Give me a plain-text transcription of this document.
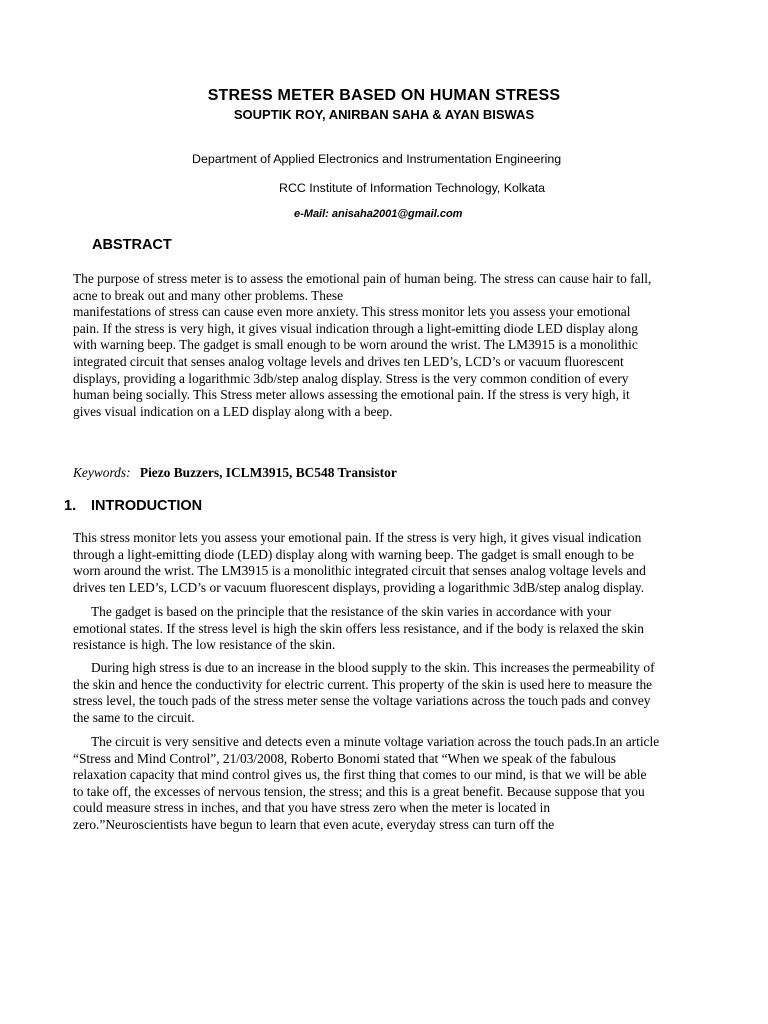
STRESS METER BASED ON HUMAN STRESS
SOUPTIK ROY, ANIRBAN SAHA & AYAN BISWAS
Department of Applied Electronics and Instrumentation Engineering
RCC Institute of Information Technology, Kolkata
e-Mail: anisaha2001@gmail.com
ABSTRACT

The purpose of stress meter is to assess the emotional pain of human being. The stress can cause hair to fall,
acne to break out and many other problems. These
manifestations of stress can cause even more anxiety. This stress monitor lets you assess your emotional
pain. If the stress is very high, it gives visual indication through a light-emitting diode LED display along
with warning beep. The gadget is small enough to be worn around the wrist. The LM3915 is a monolithic
integrated circuit that senses analog voltage levels and drives ten LED’s, LCD’s or vacuum fluorescent
displays, providing a logarithmic 3db/step analog display. Stress is the very common condition of every
human being socially. This Stress meter allows assessing the emotional pain. If the stress is very high, it
gives visual indication on a LED display along with a beep.

Keywords: Piezo Buzzers, ICLM3915, BC548 Transistor
1. INTRODUCTION

This stress monitor lets you assess your emotional pain. If the stress is very high, it gives visual indication
through a light-emitting diode (LED) display along with warning beep. The gadget is small enough to be
worn around the wrist. The LM3915 is a monolithic integrated circuit that senses analog voltage levels and
drives ten LED’s, LCD’s or vacuum fluorescent displays, providing a logarithmic 3dB/step analog display.

The gadget is based on the principle that the resistance of the skin varies in accordance with your
emotional states. If the stress level is high the skin offers less resistance, and if the body is relaxed the skin
resistance is high. The low resistance of the skin.

During high stress is due to an increase in the blood supply to the skin. This increases the permeability of
the skin and hence the conductivity for electric current. This property of the skin is used here to measure the
stress level, the touch pads of the stress meter sense the voltage variations across the touch pads and convey
the same to the circuit.

The circuit is very sensitive and detects even a minute voltage variation across the touch pads.In an article
“Stress and Mind Control”, 21/03/2008, Roberto Bonomi stated that “When we speak of the fabulous
relaxation capacity that mind control gives us, the first thing that comes to our mind, is that we will be able
to take off, the excesses of nervous tension, the stress; and this is a great benefit. Because suppose that you
could measure stress in inches, and that you have stress zero when the meter is located in
zero.”Neuroscientists have begun to learn that even acute, everyday stress can turn off the
